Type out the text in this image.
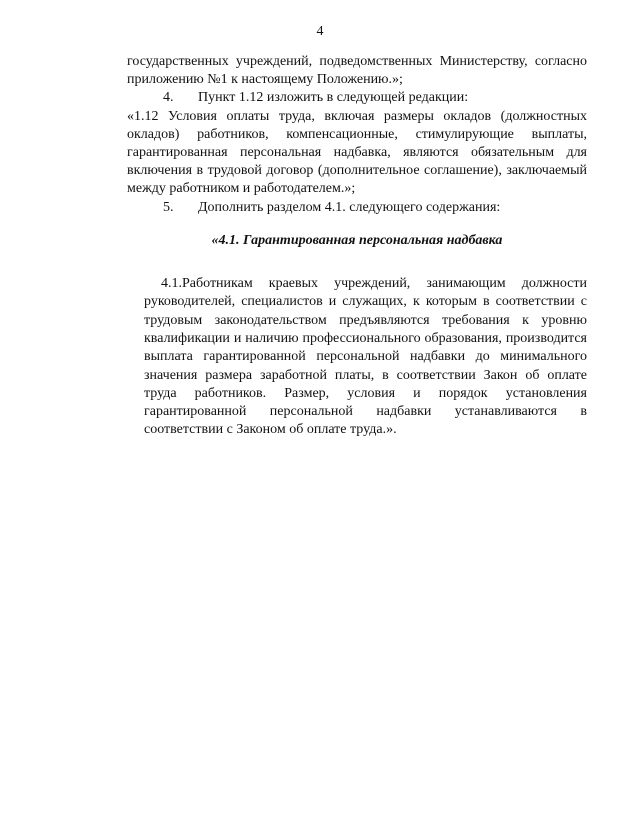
4

государственных учреждений, подведомственных Министерству, согласно приложению №1 к настоящему Положению.»;

4. Пункт 1.12 изложить в следующей редакции:

«1.12 Условия оплаты труда, включая размеры окладов (должностных окладов) работников, компенсационные, стимулирующие выплаты, гарантированная персональная надбавка, являются обязательным для включения в трудовой договор (дополнительное соглашение), заключаемый между работником и работодателем.»;

5. Дополнить разделом 4.1. следующего содержания:

«4.1. Гарантированная персональная надбавка

4.1.Работникам краевых учреждений, занимающим должности руководителей, специалистов и служащих, к которым в соответствии с трудовым законодательством предъявляются требования к уровню квалификации и наличию профессионального образования, производится выплата гарантированной персональной надбавки до минимального значения размера заработной платы, в соответствии Закон об оплате труда работников. Размер, условия и порядок установления гарантированной персональной надбавки устанавливаются в соответствии с Законом об оплате труда.».
